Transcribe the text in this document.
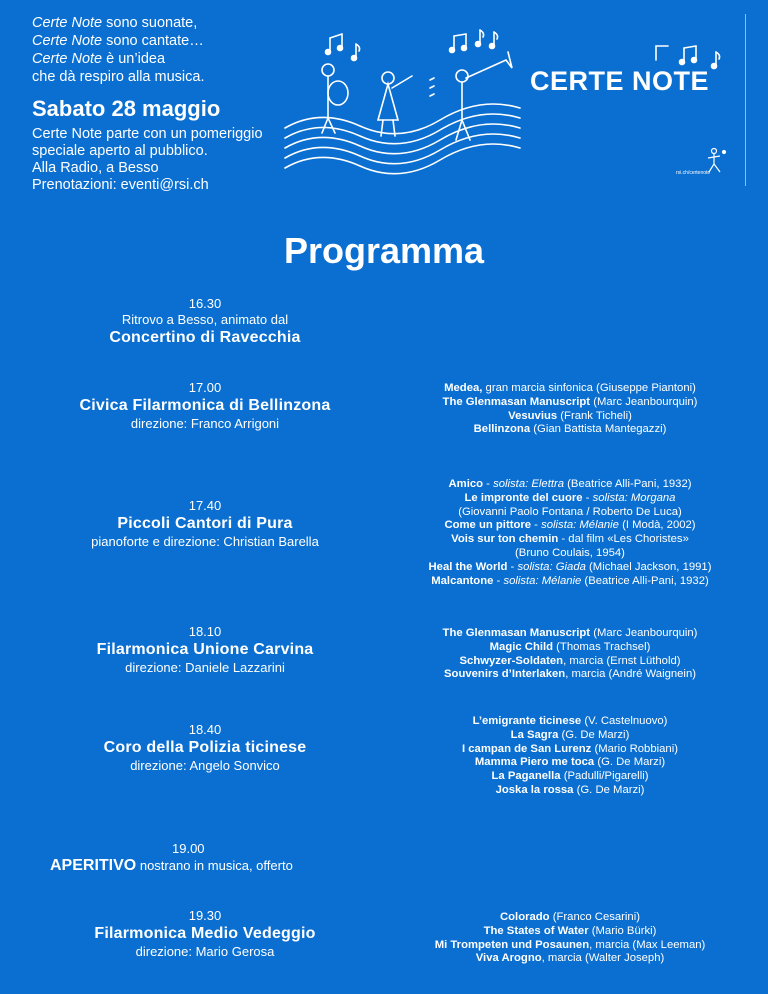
Certe Note sono suonate,
Certe Note sono cantate…
Certe Note è un’idea
che dà respiro alla musica.
Sabato 28 maggio
Certe Note parte con un pomeriggio
speciale aperto al pubblico.
Alla Radio, a Besso
Prenotazioni: eventi@rsi.ch
CERTE NOTE
rsi.ch/certenote
Programma
16.30
Ritrovo a Besso, animato dal
Concertino di Ravecchia
17.00
Civica Filarmonica di Bellinzona
direzione: Franco Arrigoni
17.40
Piccoli Cantori di Pura
pianoforte e direzione: Christian Barella
18.10
Filarmonica Unione Carvina
direzione: Daniele Lazzarini
18.40
Coro della Polizia ticinese
direzione: Angelo Sonvico
19.00
APERITIVO nostrano in musica, offerto
19.30
Filarmonica Medio Vedeggio
direzione: Mario Gerosa
Medea, gran marcia sinfonica (Giuseppe Piantoni)
The Glenmasan Manuscript (Marc Jeanbourquin)
Vesuvius (Frank Ticheli)
Bellinzona (Gian Battista Mantegazzi)
Amico - solista: Elettra (Beatrice Alli-Pani, 1932)
Le impronte del cuore - solista: Morgana
(Giovanni Paolo Fontana / Roberto De Luca)
Come un pittore - solista: Mélanie (I Modà, 2002)
Vois sur ton chemin - dal film «Les Choristes»
(Bruno Coulais, 1954)
Heal the World - solista: Giada (Michael Jackson, 1991)
Malcantone - solista: Mélanie (Beatrice Alli-Pani, 1932)
The Glenmasan Manuscript (Marc Jeanbourquin)
Magic Child (Thomas Trachsel)
Schwyzer-Soldaten, marcia (Ernst Lüthold)
Souvenirs d’Interlaken, marcia (André Waignein)
L’emigrante ticinese (V. Castelnuovo)
La Sagra (G. De Marzi)
I campan de San Lurenz (Mario Robbiani)
Mamma Piero me toca (G. De Marzi)
La Paganella (Padulli/Pigarelli)
Joska la rossa (G. De Marzi)
Colorado (Franco Cesarini)
The States of Water (Mario Bürki)
Mi Trompeten und Posaunen, marcia (Max Leeman)
Viva Arogno, marcia (Walter Joseph)
